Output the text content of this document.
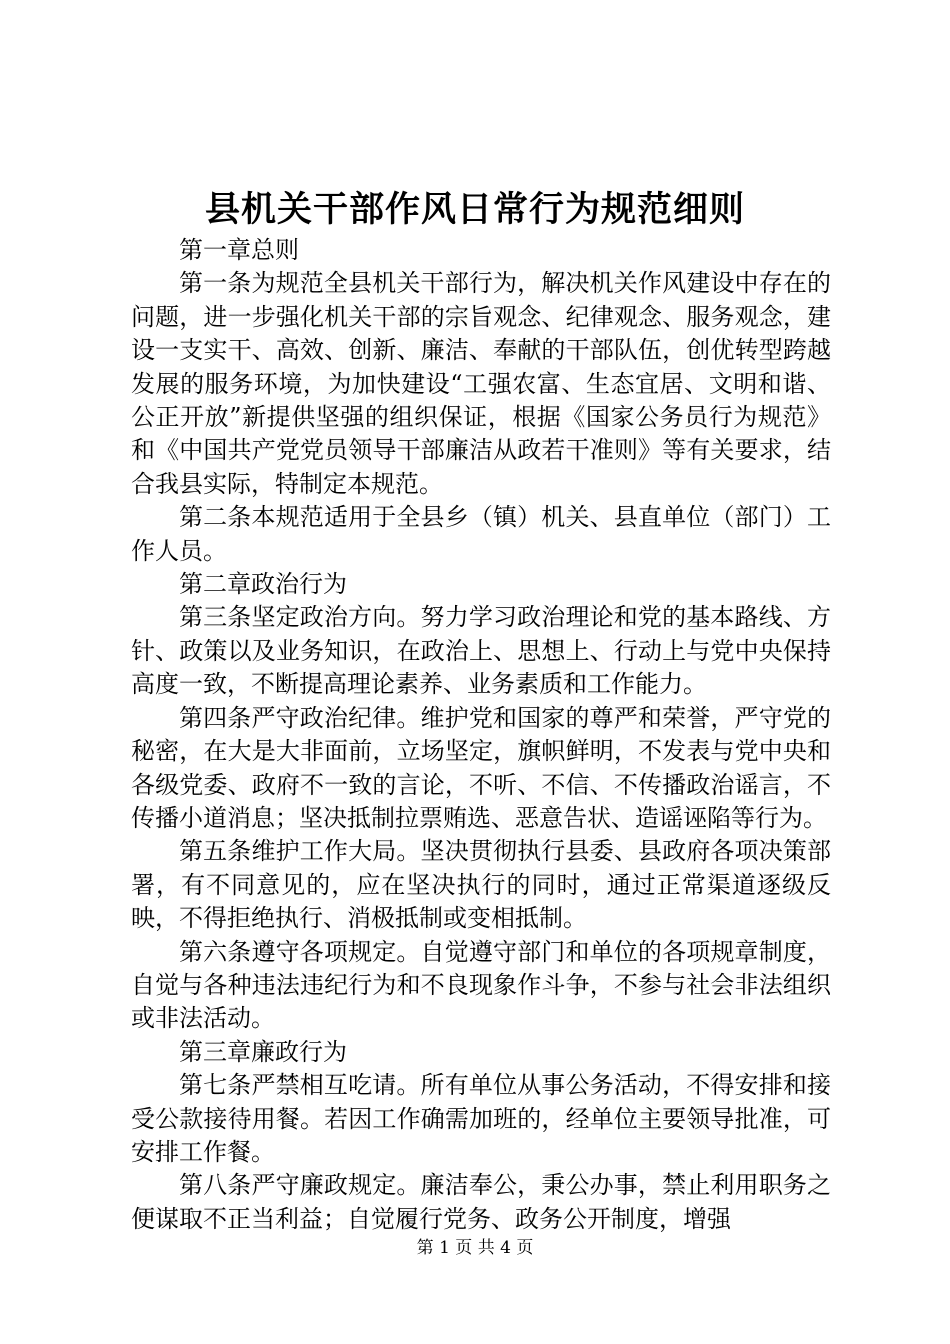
县机关干部作风日常行为规范细则

第一章总则

第一条为规范全县机关干部行为，解决机关作风建设中存在的问题，进一步强化机关干部的宗旨观念、纪律观念、服务观念，建设一支实干、高效、创新、廉洁、奉献的干部队伍，创优转型跨越发展的服务环境，为加快建设“工强农富、生态宜居、文明和谐、公正开放”新提供坚强的组织保证，根据《国家公务员行为规范》和《中国共产党党员领导干部廉洁从政若干准则》等有关要求，结合我县实际，特制定本规范。

第二条本规范适用于全县乡（镇）机关、县直单位（部门）工作人员。

第二章政治行为

第三条坚定政治方向。努力学习政治理论和党的基本路线、方针、政策以及业务知识，在政治上、思想上、行动上与党中央保持高度一致，不断提高理论素养、业务素质和工作能力。

第四条严守政治纪律。维护党和国家的尊严和荣誉，严守党的秘密，在大是大非面前，立场坚定，旗帜鲜明，不发表与党中央和各级党委、政府不一致的言论，不听、不信、不传播政治谣言，不传播小道消息；坚决抵制拉票贿选、恶意告状、造谣诬陷等行为。

第五条维护工作大局。坚决贯彻执行县委、县政府各项决策部署，有不同意见的，应在坚决执行的同时，通过正常渠道逐级反映，不得拒绝执行、消极抵制或变相抵制。

第六条遵守各项规定。自觉遵守部门和单位的各项规章制度，自觉与各种违法违纪行为和不良现象作斗争，不参与社会非法组织或非法活动。

第三章廉政行为

第七条严禁相互吃请。所有单位从事公务活动，不得安排和接受公款接待用餐。若因工作确需加班的，经单位主要领导批准，可安排工作餐。

第八条严守廉政规定。廉洁奉公，秉公办事，禁止利用职务之便谋取不正当利益；自觉履行党务、政务公开制度，增强

第 1 页 共 4 页
